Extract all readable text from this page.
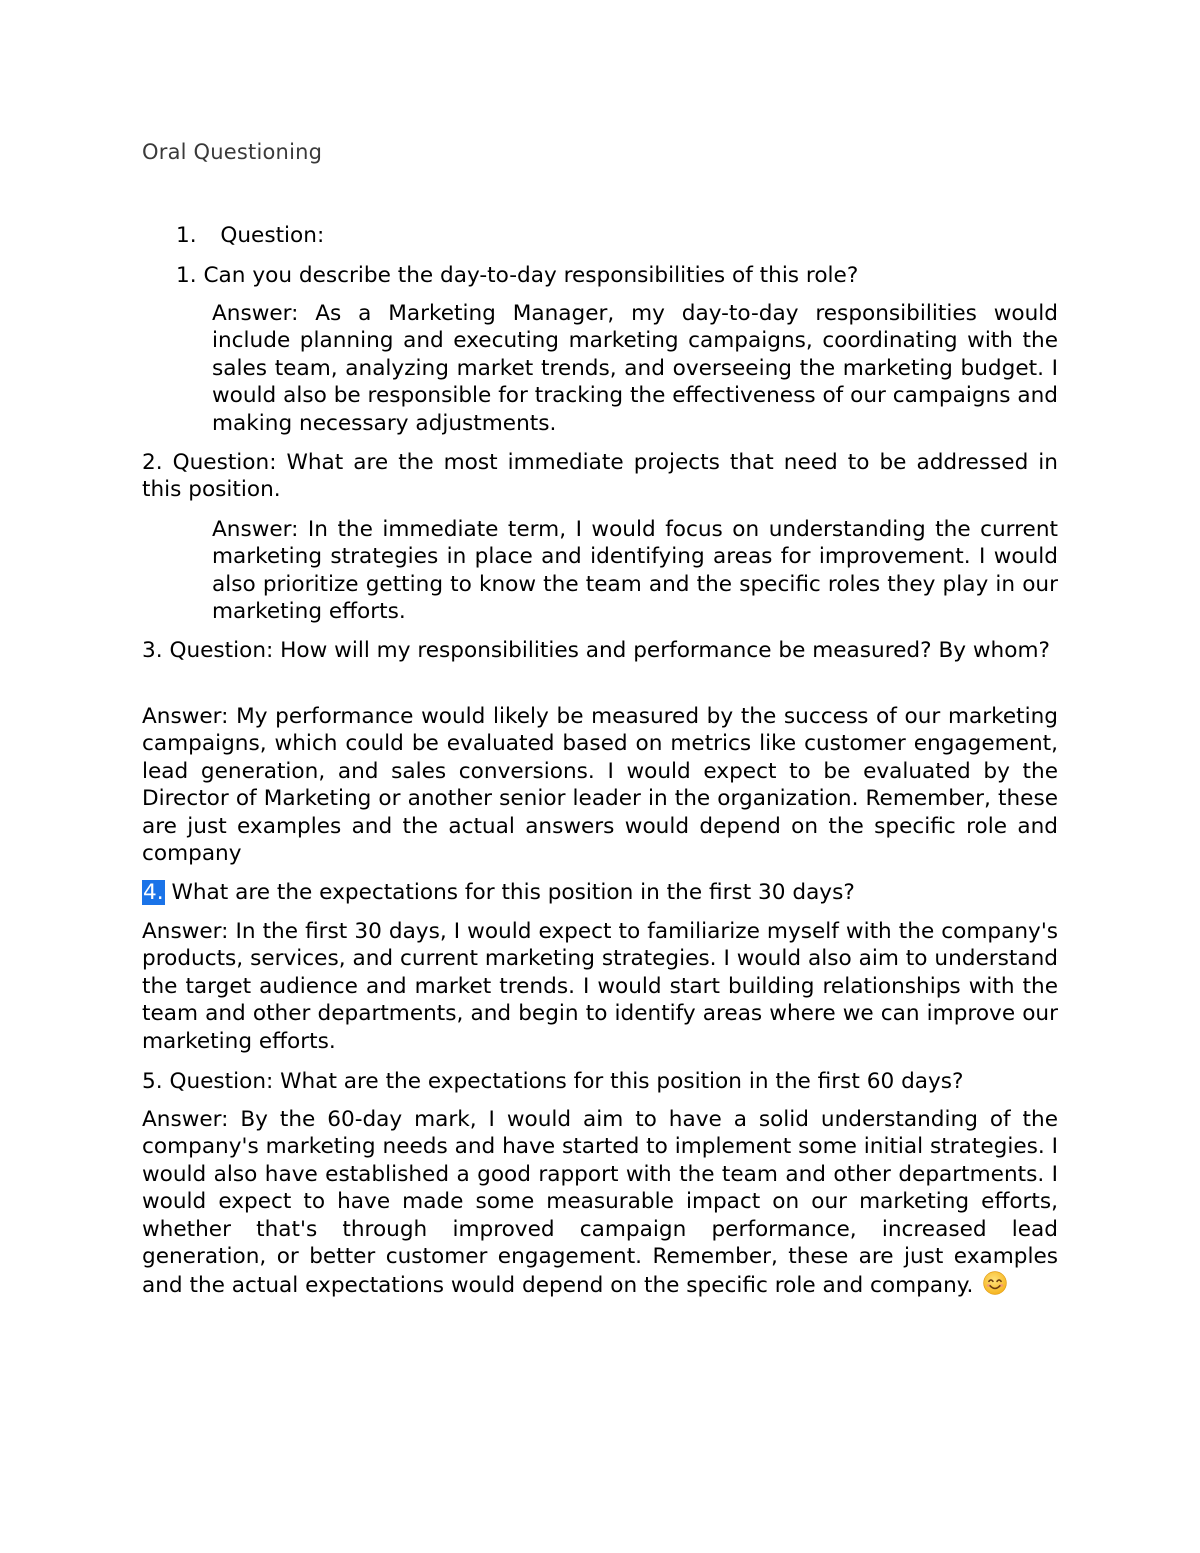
Oral Questioning
1. Question:
1. Can you describe the day-to-day responsibilities of this role?
Answer: As a Marketing Manager, my day-to-day responsibilities would include planning and executing marketing campaigns, coordinating with the sales team, analyzing market trends, and overseeing the marketing budget. I would also be responsible for tracking the effectiveness of our campaigns and making necessary adjustments.
2. Question: What are the most immediate projects that need to be addressed in this position.
Answer: In the immediate term, I would focus on understanding the current marketing strategies in place and identifying areas for improvement. I would also prioritize getting to know the team and the specific roles they play in our marketing efforts.
3. Question: How will my responsibilities and performance be measured? By whom?
Answer: My performance would likely be measured by the success of our marketing campaigns, which could be evaluated based on metrics like customer engagement, lead generation, and sales conversions. I would expect to be evaluated by the Director of Marketing or another senior leader in the organization. Remember, these are just examples and the actual answers would depend on the specific role and company
4. What are the expectations for this position in the first 30 days?
Answer: In the first 30 days, I would expect to familiarize myself with the company's products, services, and current marketing strategies. I would also aim to understand the target audience and market trends. I would start building relationships with the team and other departments, and begin to identify areas where we can improve our marketing efforts.
5. Question: What are the expectations for this position in the first 60 days?
Answer: By the 60-day mark, I would aim to have a solid understanding of the company's marketing needs and have started to implement some initial strategies. I would also have established a good rapport with the team and other departments. I would expect to have made some measurable impact on our marketing efforts, whether that's through improved campaign performance, increased lead generation, or better customer engagement. Remember, these are just examples and the actual expectations would depend on the specific role and company.
